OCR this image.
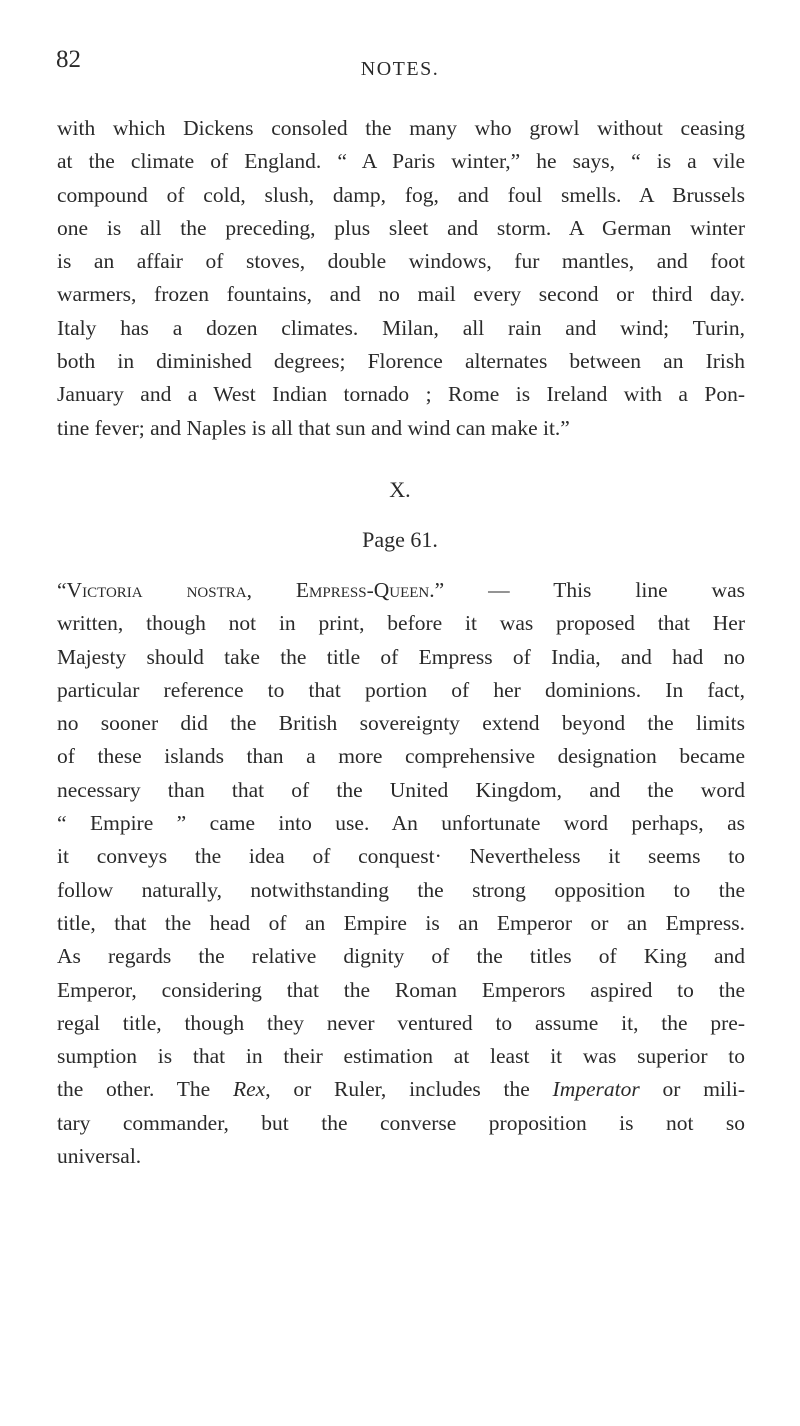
82	NOTES.
with which Dickens consoled the many who growl without ceasing
at the climate of England. “ A Paris winter,” he says, “ is a vile
compound of cold, slush, damp, fog, and foul smells. A Brussels
one is all the preceding, plus sleet and storm. A German winter
is an affair of stoves, double windows, fur mantles, and foot
warmers, frozen fountains, and no mail every second or third day.
Italy has a dozen climates. Milan, all rain and wind; Turin,
both in diminished degrees; Florence alternates between an Irish
January and a West Indian tornado ; Rome is Ireland with a Pon-
tine fever; and Naples is all that sun and wind can make it.”
X.
Page 61.
“Victoria nostra, Empress-Queen.” — This line was
written, though not in print, before it was proposed that Her
Majesty should take the title of Empress of India, and had no
particular reference to that portion of her dominions. In fact,
no sooner did the British sovereignty extend beyond the limits
of these islands than a more comprehensive designation became
necessary than that of the United Kingdom, and the word
“ Empire ” came into use. An unfortunate word perhaps, as
it conveys the idea of conquest· Nevertheless it seems to
follow naturally, notwithstanding the strong opposition to the
title, that the head of an Empire is an Emperor or an Empress.
As regards the relative dignity of the titles of King and
Emperor, considering that the Roman Emperors aspired to the
regal title, though they never ventured to assume it, the pre-
sumption is that in their estimation at least it was superior to
the other. The Rex, or Ruler, includes the Imperator or mili-
tary commander, but the converse proposition is not so
universal.
